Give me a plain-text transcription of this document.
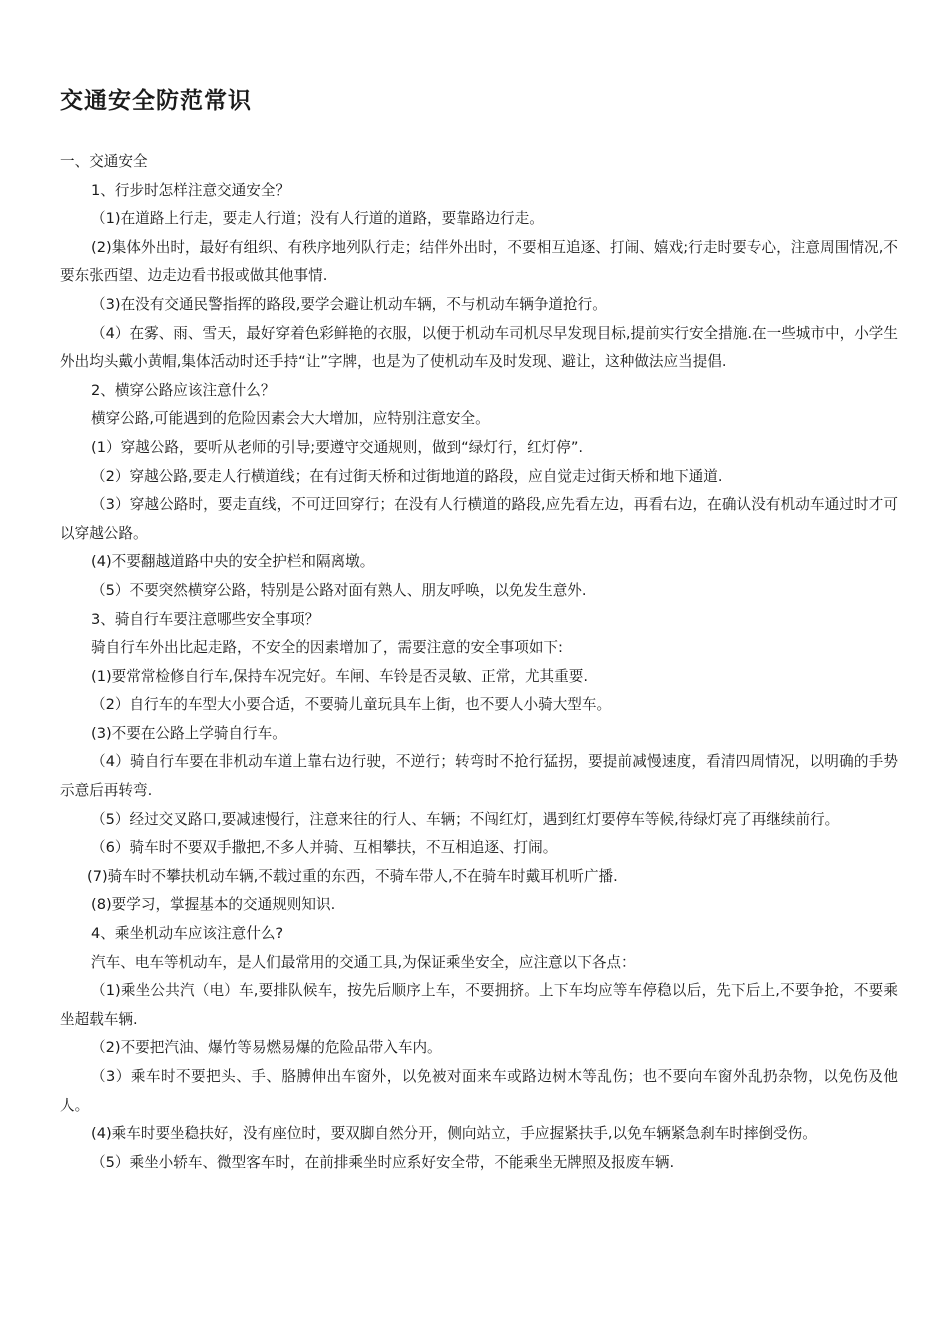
交通安全防范常识

一、交通安全

1、行步时怎样注意交通安全？

（1)在道路上行走，要走人行道；没有人行道的道路，要靠路边行走。

(2)集体外出时，最好有组织、有秩序地列队行走；结伴外出时，不要相互追逐、打闹、嬉戏;行走时要专心，注意周围情况,不要东张西望、边走边看书报或做其他事情.

（3)在没有交通民警指挥的路段,要学会避让机动车辆，不与机动车辆争道抢行。

（4）在雾、雨、雪天，最好穿着色彩鲜艳的衣服，以便于机动车司机尽早发现目标,提前实行安全措施.在一些城市中，小学生外出均头戴小黄帽,集体活动时还手持“让”字牌，也是为了使机动车及时发现、避让，这种做法应当提倡.

2、横穿公路应该注意什么？

横穿公路,可能遇到的危险因素会大大增加，应特别注意安全。

(1）穿越公路，要听从老师的引导;要遵守交通规则，做到“绿灯行，红灯停”.

（2）穿越公路,要走人行横道线；在有过街天桥和过街地道的路段，应自觉走过街天桥和地下通道.

（3）穿越公路时，要走直线，不可迂回穿行；在没有人行横道的路段,应先看左边，再看右边，在确认没有机动车通过时才可以穿越公路。

(4)不要翻越道路中央的安全护栏和隔离墩。

（5）不要突然横穿公路，特别是公路对面有熟人、朋友呼唤，以免发生意外.

3、骑自行车要注意哪些安全事项？

骑自行车外出比起走路，不安全的因素增加了，需要注意的安全事项如下:

(1)要常常检修自行车,保持车况完好。车闸、车铃是否灵敏、正常，尤其重要.

（2）自行车的车型大小要合适，不要骑儿童玩具车上街，也不要人小骑大型车。

(3)不要在公路上学骑自行车。

（4）骑自行车要在非机动车道上靠右边行驶，不逆行；转弯时不抢行猛拐，要提前减慢速度，看清四周情况，以明确的手势示意后再转弯.

（5）经过交叉路口,要减速慢行，注意来往的行人、车辆；不闯红灯，遇到红灯要停车等候,待绿灯亮了再继续前行。

（6）骑车时不要双手撒把,不多人并骑、互相攀扶，不互相追逐、打闹。

(7)骑车时不攀扶机动车辆,不载过重的东西，不骑车带人,不在骑车时戴耳机听广播.

(8)要学习，掌握基本的交通规则知识.

4、乘坐机动车应该注意什么?

汽车、电车等机动车，是人们最常用的交通工具,为保证乘坐安全，应注意以下各点：

（1)乘坐公共汽（电）车,要排队候车，按先后顺序上车，不要拥挤。上下车均应等车停稳以后，先下后上,不要争抢，不要乘坐超载车辆.

（2)不要把汽油、爆竹等易燃易爆的危险品带入车内。

（3）乘车时不要把头、手、胳膊伸出车窗外，以免被对面来车或路边树木等乱伤；也不要向车窗外乱扔杂物，以免伤及他人。

(4)乘车时要坐稳扶好，没有座位时，要双脚自然分开，侧向站立，手应握紧扶手,以免车辆紧急刹车时摔倒受伤。

（5）乘坐小轿车、微型客车时，在前排乘坐时应系好安全带，不能乘坐无牌照及报废车辆.
